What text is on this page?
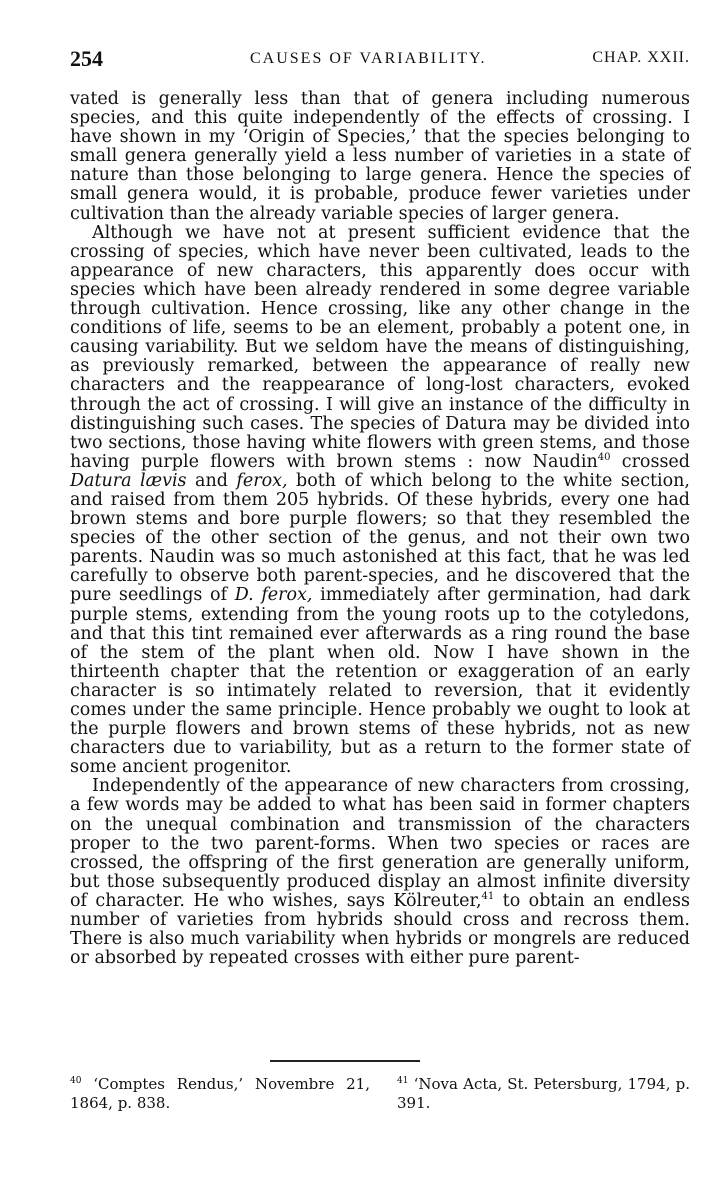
254	CAUSES OF VARIABILITY.	CHAP. XXII.

vated is generally less than that of genera including numerous species, and this quite independently of the effects of crossing. I have shown in my ‘Origin of Species,’ that the species belonging to small genera generally yield a less number of varieties in a state of nature than those belonging to large genera. Hence the species of small genera would, it is probable, produce fewer varieties under cultivation than the already variable species of larger genera.

Although we have not at present sufficient evidence that the crossing of species, which have never been cultivated, leads to the appearance of new characters, this apparently does occur with species which have been already rendered in some degree variable through cultivation. Hence crossing, like any other change in the conditions of life, seems to be an element, probably a potent one, in causing variability. But we seldom have the means of distinguishing, as previously remarked, between the appearance of really new characters and the reappearance of long-lost characters, evoked through the act of crossing. I will give an instance of the difficulty in distinguishing such cases. The species of Datura may be divided into two sections, those having white flowers with green stems, and those having purple flowers with brown stems : now Naudin$^{40}$ crossed Datura lævis and ferox, both of which belong to the white section, and raised from them 205 hybrids. Of these hybrids, every one had brown stems and bore purple flowers; so that they resembled the species of the other section of the genus, and not their own two parents. Naudin was so much astonished at this fact, that he was led carefully to observe both parent-species, and he discovered that the pure seedlings of D. ferox, immediately after germination, had dark purple stems, extending from the young roots up to the cotyledons, and that this tint remained ever afterwards as a ring round the base of the stem of the plant when old. Now I have shown in the thirteenth chapter that the retention or exaggeration of an early character is so intimately related to reversion, that it evidently comes under the same principle. Hence probably we ought to look at the purple flowers and brown stems of these hybrids, not as new characters due to variability, but as a return to the former state of some ancient progenitor.

Independently of the appearance of new characters from crossing, a few words may be added to what has been said in former chapters on the unequal combination and transmission of the characters proper to the two parent-forms. When two species or races are crossed, the offspring of the first generation are generally uniform, but those subsequently produced display an almost infinite diversity of character. He who wishes, says Kölreuter,$^{41}$ to obtain an endless number of varieties from hybrids should cross and recross them. There is also much variability when hybrids or mongrels are reduced or absorbed by repeated crosses with either pure parent-

$^{40}$ ‘Comptes Rendus,’ Novembre 21, 1864, p. 838.
$^{41}$ ‘Nova Acta, St. Petersburg, 1794, p. 391.
